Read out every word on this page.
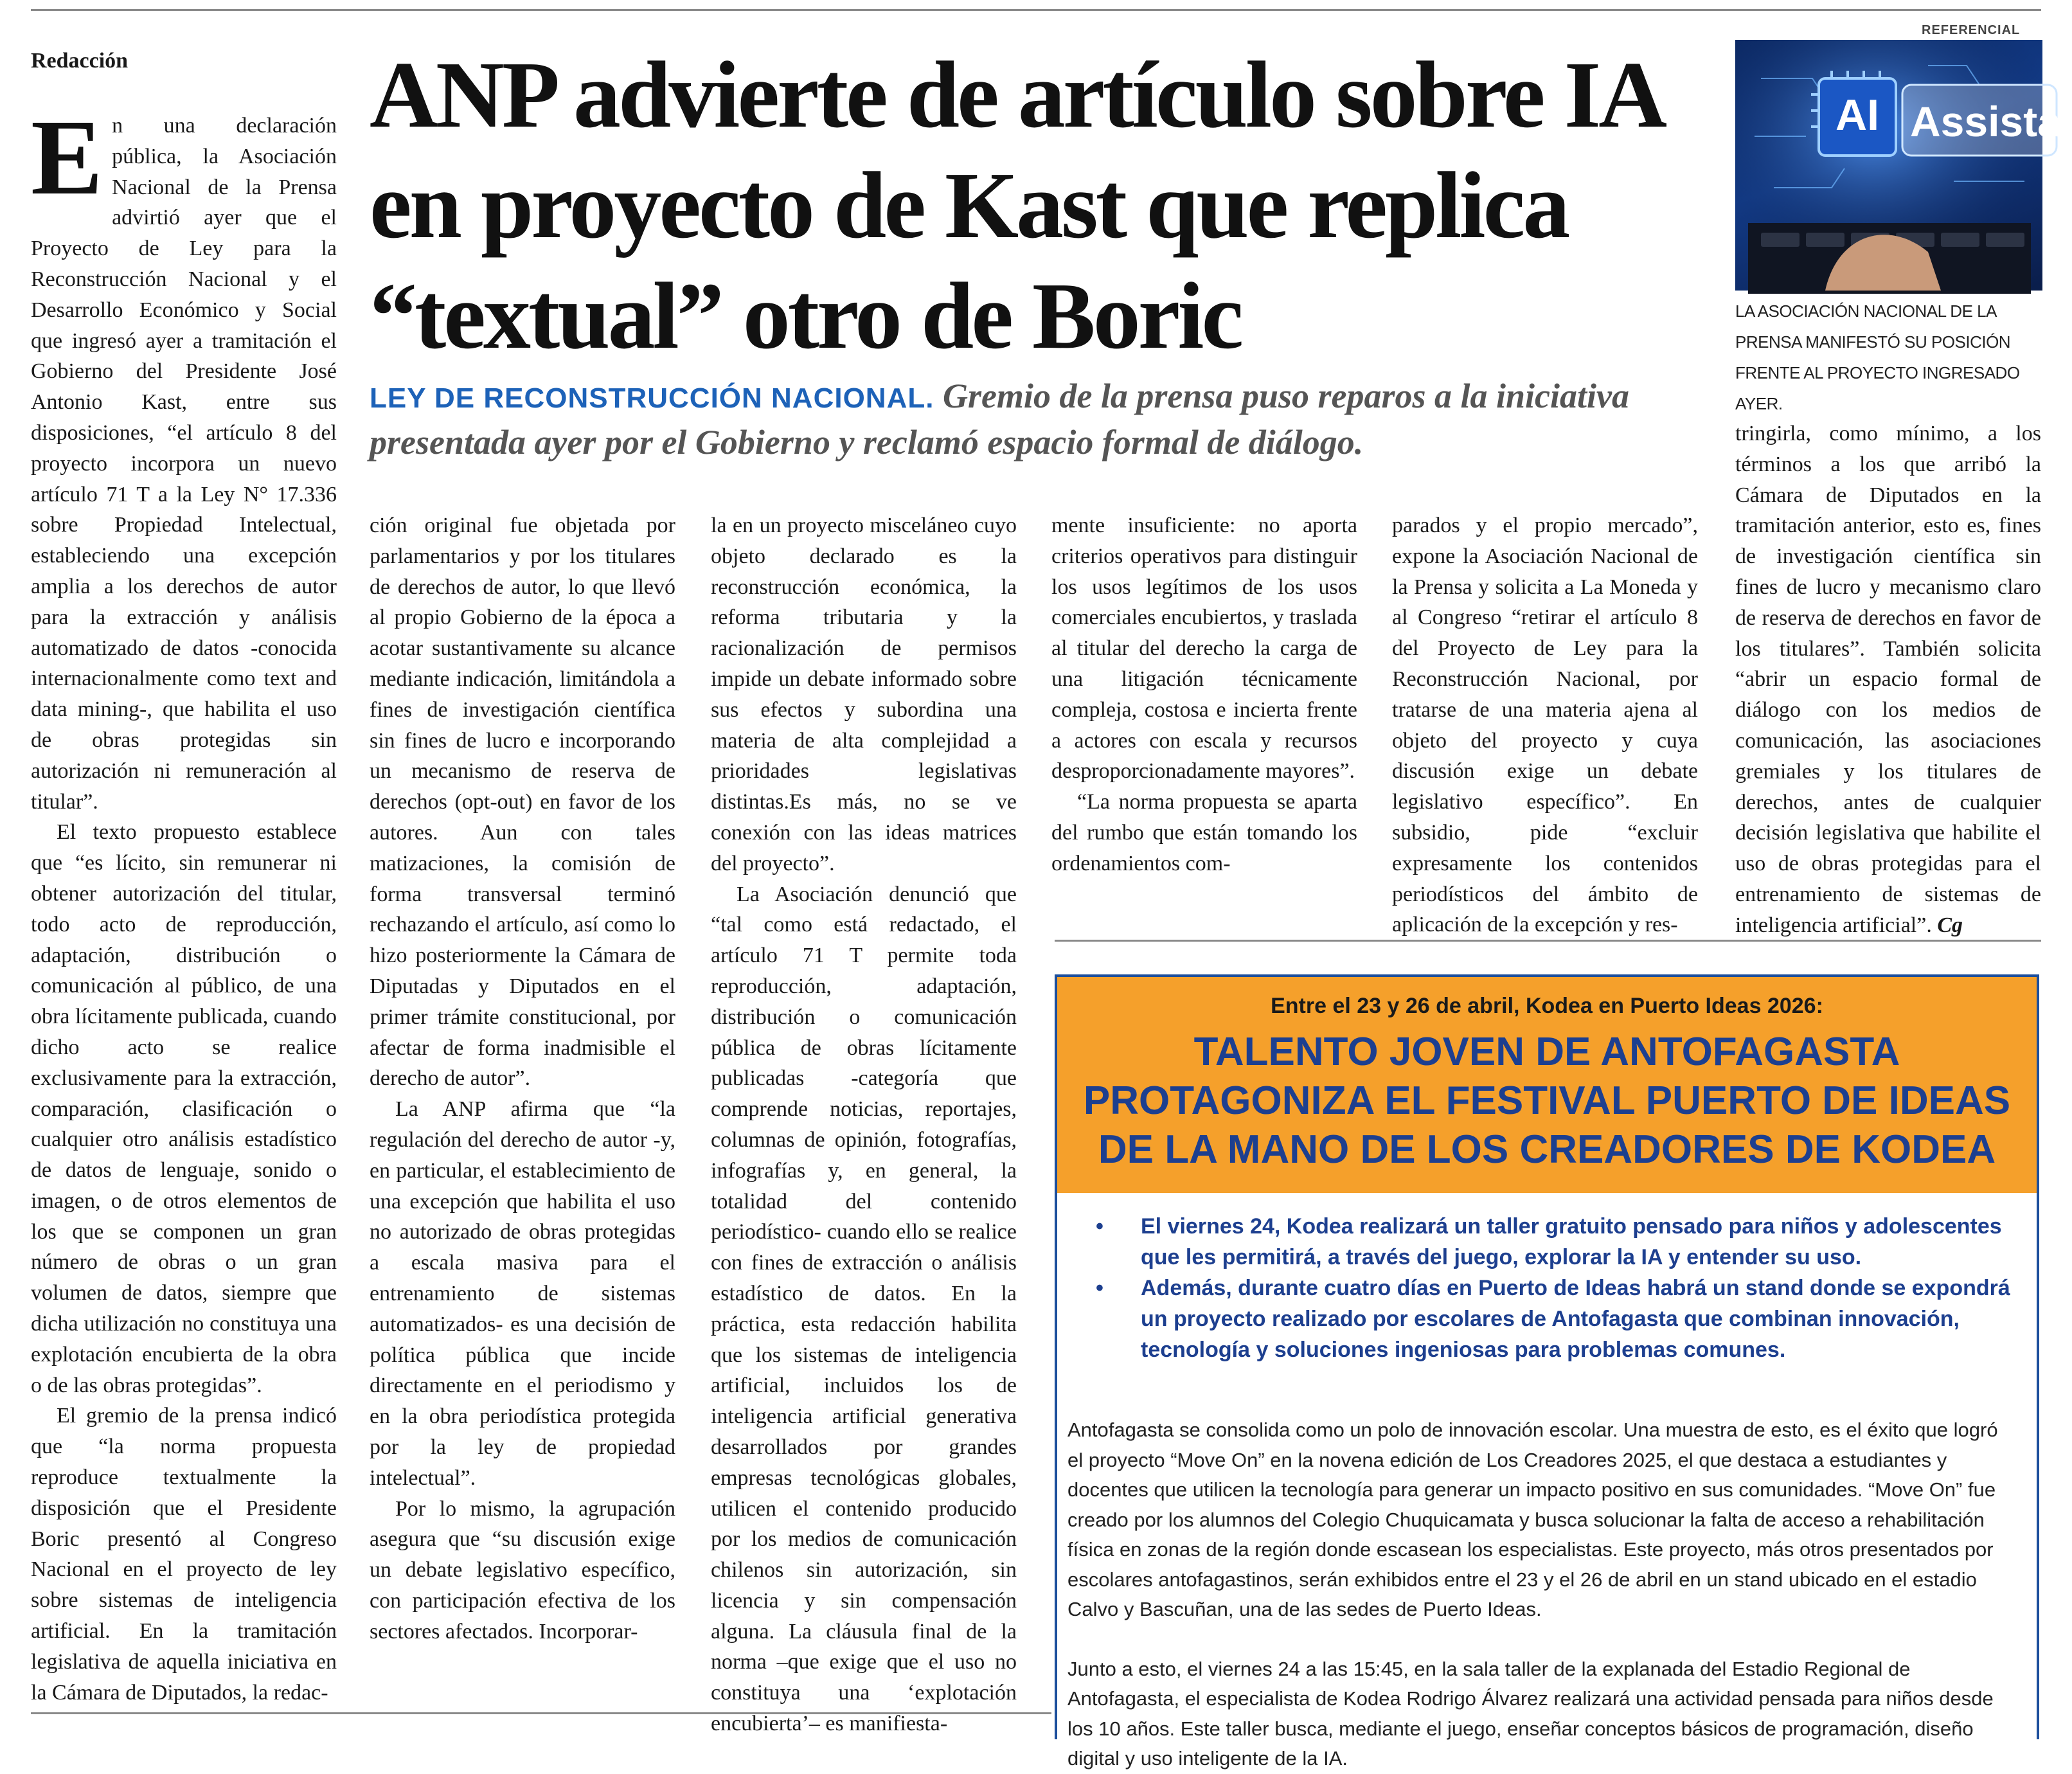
Redacción	ANP advierte de artículo sobre IA en proyecto de Kast que replica “textual” otro de Boric
LEY DE RECONSTRUCCIÓN NACIONAL. Gremio de la prensa puso reparos a la iniciativa presentada ayer por el Gobierno y reclamó espacio formal de diálogo.
REFERENCIAL
AI Assista
LA ASOCIACIÓN NACIONAL DE LA PRENSA MANIFESTÓ SU POSICIÓN FRENTE AL PROYECTO INGRESADO AYER.

En una declaración pública, la Asociación Nacional de la Prensa advirtió ayer que el Proyecto de Ley para la Reconstrucción Nacional y el Desarrollo Económico y Social que ingresó ayer a tramitación el Gobierno del Presidente José Antonio Kast, entre sus disposiciones, “el artículo 8 del proyecto incorpora un nuevo artículo 71 T a la Ley N° 17.336 sobre Propiedad Intelectual, estableciendo una excepción amplia a los derechos de autor para la extracción y análisis automatizado de datos -conocida internacionalmente como text and data mining-, que habilita el uso de obras protegidas sin autorización ni remuneración al titular”.

El texto propuesto establece que “es lícito, sin remunerar ni obtener autorización del titular, todo acto de reproducción, adaptación, distribución o comunicación al público, de una obra lícitamente publicada, cuando dicho acto se realice exclusivamente para la extracción, comparación, clasificación o cualquier otro análisis estadístico de datos de lenguaje, sonido o imagen, o de otros elementos de los que se componen un gran número de obras o un gran volumen de datos, siempre que dicha utilización no constituya una explotación encubierta de la obra o de las obras protegidas”.

El gremio de la prensa indicó que “la norma propuesta reproduce textualmente la disposición que el Presidente Boric presentó al Congreso Nacional en el proyecto de ley sobre sistemas de inteligencia artificial. En la tramitación legislativa de aquella iniciativa en la Cámara de Diputados, la redac-

ción original fue objetada por parlamentarios y por los titulares de derechos de autor, lo que llevó al propio Gobierno de la época a acotar sustantivamente su alcance mediante indicación, limitándola a fines de investigación científica sin fines de lucro e incorporando un mecanismo de reserva de derechos (opt-out) en favor de los autores. Aun con tales matizaciones, la comisión de forma transversal terminó rechazando el artículo, así como lo hizo posteriormente la Cámara de Diputadas y Diputados en el primer trámite constitucional, por afectar de forma inadmisible el derecho de autor”.

La ANP afirma que “la regulación del derecho de autor -y, en particular, el establecimiento de una excepción que habilita el uso no autorizado de obras protegidas a escala masiva para el entrenamiento de sistemas automatizados- es una decisión de política pública que incide directamente en el periodismo y en la obra periodística protegida por la ley de propiedad intelectual”.

Por lo mismo, la agrupación asegura que “su discusión exige un debate legislativo específico, con participación efectiva de los sectores afectados. Incorporar-

la en un proyecto misceláneo cuyo objeto declarado es la reconstrucción económica, la reforma tributaria y la racionalización de permisos impide un debate informado sobre sus efectos y subordina una materia de alta complejidad a prioridades legislativas distintas.Es más, no se ve conexión con las ideas matrices del proyecto”.

La Asociación denunció que “tal como está redactado, el artículo 71 T permite toda reproducción, adaptación, distribución o comunicación pública de obras lícitamente publicadas -categoría que comprende noticias, reportajes, columnas de opinión, fotografías, infografías y, en general, la totalidad del contenido periodístico- cuando ello se realice con fines de extracción o análisis estadístico de datos. En la práctica, esta redacción habilita que los sistemas de inteligencia artificial, incluidos los de inteligencia artificial generativa desarrollados por grandes empresas tecnológicas globales, utilicen el contenido producido por los medios de comunicación chilenos sin autorización, sin licencia y sin compensación alguna. La cláusula final de la norma –que exige que el uso no constituya una ‘explotación encubierta’– es manifiesta-

mente insuficiente: no aporta criterios operativos para distinguir los usos legítimos de los usos comerciales encubiertos, y traslada al titular del derecho la carga de una litigación técnicamente compleja, costosa e incierta frente a actores con escala y recursos desproporcionadamente mayores”.

“La norma propuesta se aparta del rumbo que están tomando los ordenamientos com-

parados y el propio mercado”, expone la Asociación Nacional de la Prensa y solicita a La Moneda y al Congreso “retirar el artículo 8 del Proyecto de Ley para la Reconstrucción Nacional, por tratarse de una materia ajena al objeto del proyecto y cuya discusión exige un debate legislativo específico”. En subsidio, pide “excluir expresamente los contenidos periodísticos del ámbito de aplicación de la excepción y res-

tringirla, como mínimo, a los términos a los que arribó la Cámara de Diputados en la tramitación anterior, esto es, fines de investigación científica sin fines de lucro y mecanismo claro de reserva de derechos en favor de los titulares”. También solicita “abrir un espacio formal de diálogo con los medios de comunicación, las asociaciones gremiales y los titulares de derechos, antes de cualquier decisión legislativa que habilite el uso de obras protegidas para el entrenamiento de sistemas de inteligencia artificial”. Cg

Entre el 23 y 26 de abril, Kodea en Puerto Ideas 2026:
TALENTO JOVEN DE ANTOFAGASTA PROTAGONIZA EL FESTIVAL PUERTO DE IDEAS DE LA MANO DE LOS CREADORES DE KODEA
• El viernes 24, Kodea realizará un taller gratuito pensado para niños y adolescentes que les permitirá, a través del juego, explorar la IA y entender su uso.
• Además, durante cuatro días en Puerto de Ideas habrá un stand donde se expondrá un proyecto realizado por escolares de Antofagasta que combinan innovación, tecnología y soluciones ingeniosas para problemas comunes.

Antofagasta se consolida como un polo de innovación escolar. Una muestra de esto, es el éxito que logró el proyecto “Move On” en la novena edición de Los Creadores 2025, el que destaca a estudiantes y docentes que utilicen la tecnología para generar un impacto positivo en sus comunidades. “Move On” fue creado por los alumnos del Colegio Chuquicamata y busca solucionar la falta de acceso a rehabilitación física en zonas de la región donde escasean los especialistas. Este proyecto, más otros presentados por escolares antofagastinos, serán exhibidos entre el 23 y el 26 de abril en un stand ubicado en el estadio Calvo y Bascuñan, una de las sedes de Puerto Ideas.

Junto a esto, el viernes 24 a las 15:45, en la sala taller de la explanada del Estadio Regional de Antofagasta, el especialista de Kodea Rodrigo Álvarez realizará una actividad pensada para niños desde los 10 años. Este taller busca, mediante el juego, enseñar conceptos básicos de programación, diseño digital y uso inteligente de la IA.
